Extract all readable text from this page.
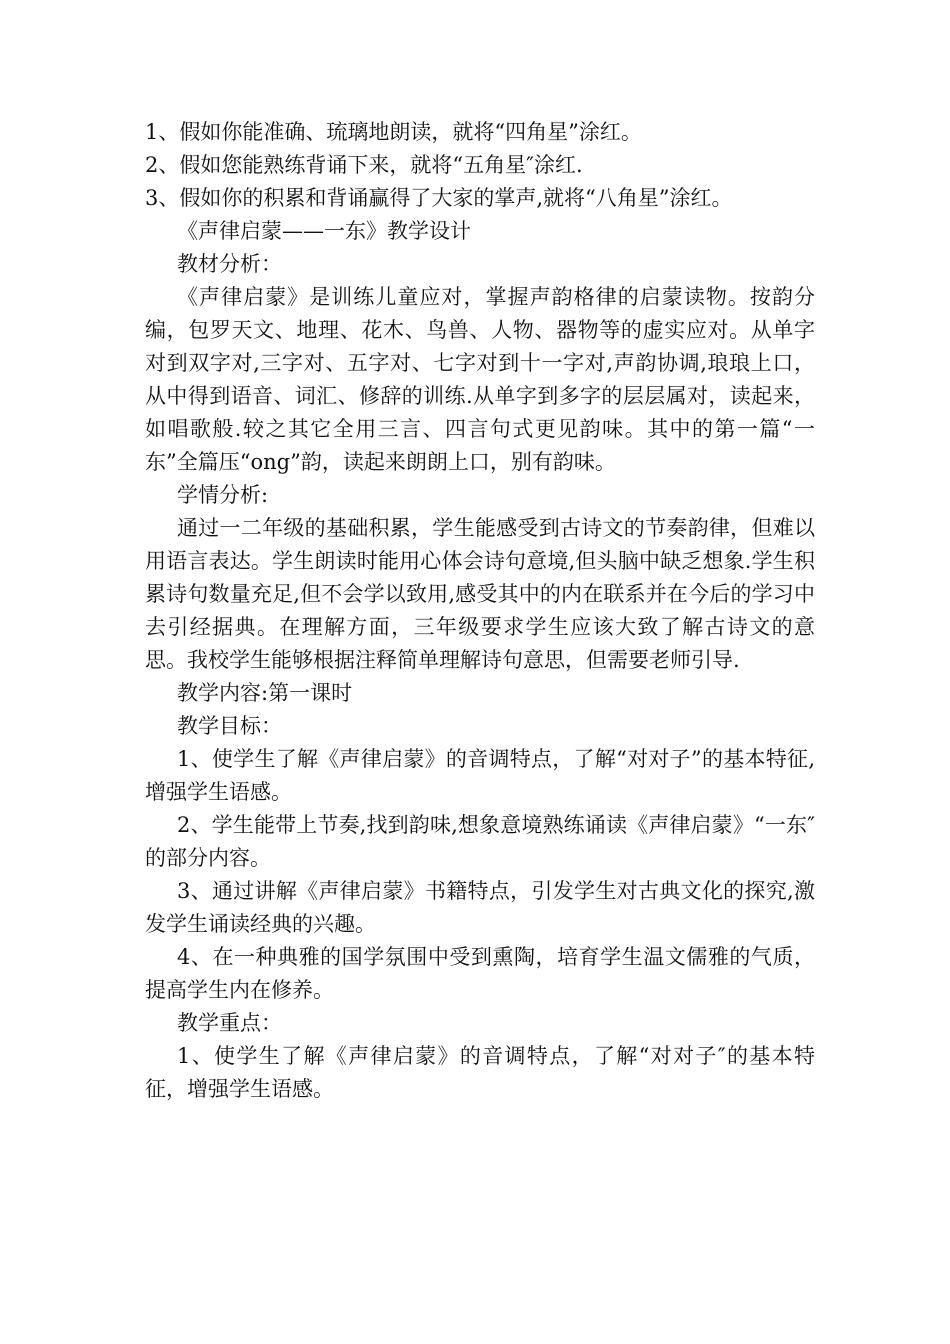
1、假如你能准确、琉璃地朗读，就将“四角星”涂红。

2、假如您能熟练背诵下来，就将“五角星″涂红.

3、假如你的积累和背诵赢得了大家的掌声,就将“八角星”涂红。

《声律启蒙——一东》教学设计

教材分析：

《声律启蒙》是训练儿童应对，掌握声韵格律的启蒙读物。按韵分编，包罗天文、地理、花木、鸟兽、人物、器物等的虚实应对。从单字对到双字对,三字对、五字对、七字对到十一字对,声韵协调,琅琅上口，从中得到语音、词汇、修辞的训练.从单字到多字的层层属对，读起来，如唱歌般.较之其它全用三言、四言句式更见韵味。其中的第一篇“一东”全篇压“ong”韵，读起来朗朗上口，别有韵味。

学情分析:

通过一二年级的基础积累，学生能感受到古诗文的节奏韵律，但难以用语言表达。学生朗读时能用心体会诗句意境,但头脑中缺乏想象.学生积累诗句数量充足,但不会学以致用,感受其中的内在联系并在今后的学习中去引经据典。在理解方面，三年级要求学生应该大致了解古诗文的意思。我校学生能够根据注释简单理解诗句意思，但需要老师引导.

教学内容:第一课时

教学目标：

1、使学生了解《声律启蒙》的音调特点，了解“对对子”的基本特征,增强学生语感。

2、学生能带上节奏,找到韵味,想象意境熟练诵读《声律启蒙》“一东″的部分内容。

3、通过讲解《声律启蒙》书籍特点，引发学生对古典文化的探究,激发学生诵读经典的兴趣。

4、在一种典雅的国学氛围中受到熏陶，培育学生温文儒雅的气质，提高学生内在修养。

教学重点：

1、使学生了解《声律启蒙》的音调特点，了解“对对子″的基本特征，增强学生语感。
